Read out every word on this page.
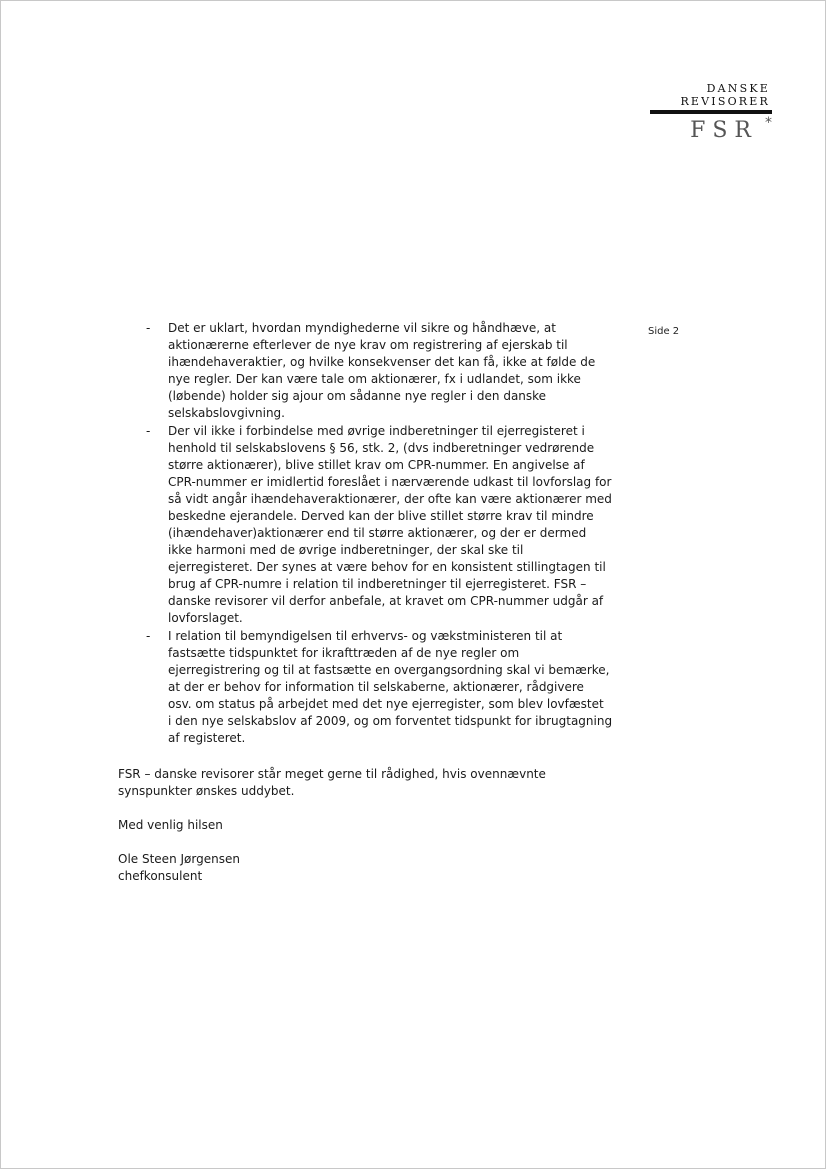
DANSKE
REVISORER
FSR *
Side 2
- Det er uklart, hvordan myndighederne vil sikre og håndhæve, at
aktionærerne efterlever de nye krav om registrering af ejerskab til
ihændehaveraktier, og hvilke konsekvenser det kan få, ikke at følde de
nye regler. Der kan være tale om aktionærer, fx i udlandet, som ikke
(løbende) holder sig ajour om sådanne nye regler i den danske
selskabslovgivning.
- Der vil ikke i forbindelse med øvrige indberetninger til ejerregisteret i
henhold til selskabslovens § 56, stk. 2, (dvs indberetninger vedrørende
større aktionærer), blive stillet krav om CPR-nummer. En angivelse af
CPR-nummer er imidlertid foreslået i nærværende udkast til lovforslag for
så vidt angår ihændehaveraktionærer, der ofte kan være aktionærer med
beskedne ejerandele. Derved kan der blive stillet større krav til mindre
(ihændehaver)aktionærer end til større aktionærer, og der er dermed
ikke harmoni med de øvrige indberetninger, der skal ske til
ejerregisteret. Der synes at være behov for en konsistent stillingtagen til
brug af CPR-numre i relation til indberetninger til ejerregisteret. FSR –
danske revisorer vil derfor anbefale, at kravet om CPR-nummer udgår af
lovforslaget.
- I relation til bemyndigelsen til erhvervs- og vækstministeren til at
fastsætte tidspunktet for ikrafttræden af de nye regler om
ejerregistrering og til at fastsætte en overgangsordning skal vi bemærke,
at der er behov for information til selskaberne, aktionærer, rådgivere
osv. om status på arbejdet med det nye ejerregister, som blev lovfæstet
i den nye selskabslov af 2009, og om forventet tidspunkt for ibrugtagning
af registeret.
FSR – danske revisorer står meget gerne til rådighed, hvis ovennævnte
synspunkter ønskes uddybet.
Med venlig hilsen
Ole Steen Jørgensen
chefkonsulent
